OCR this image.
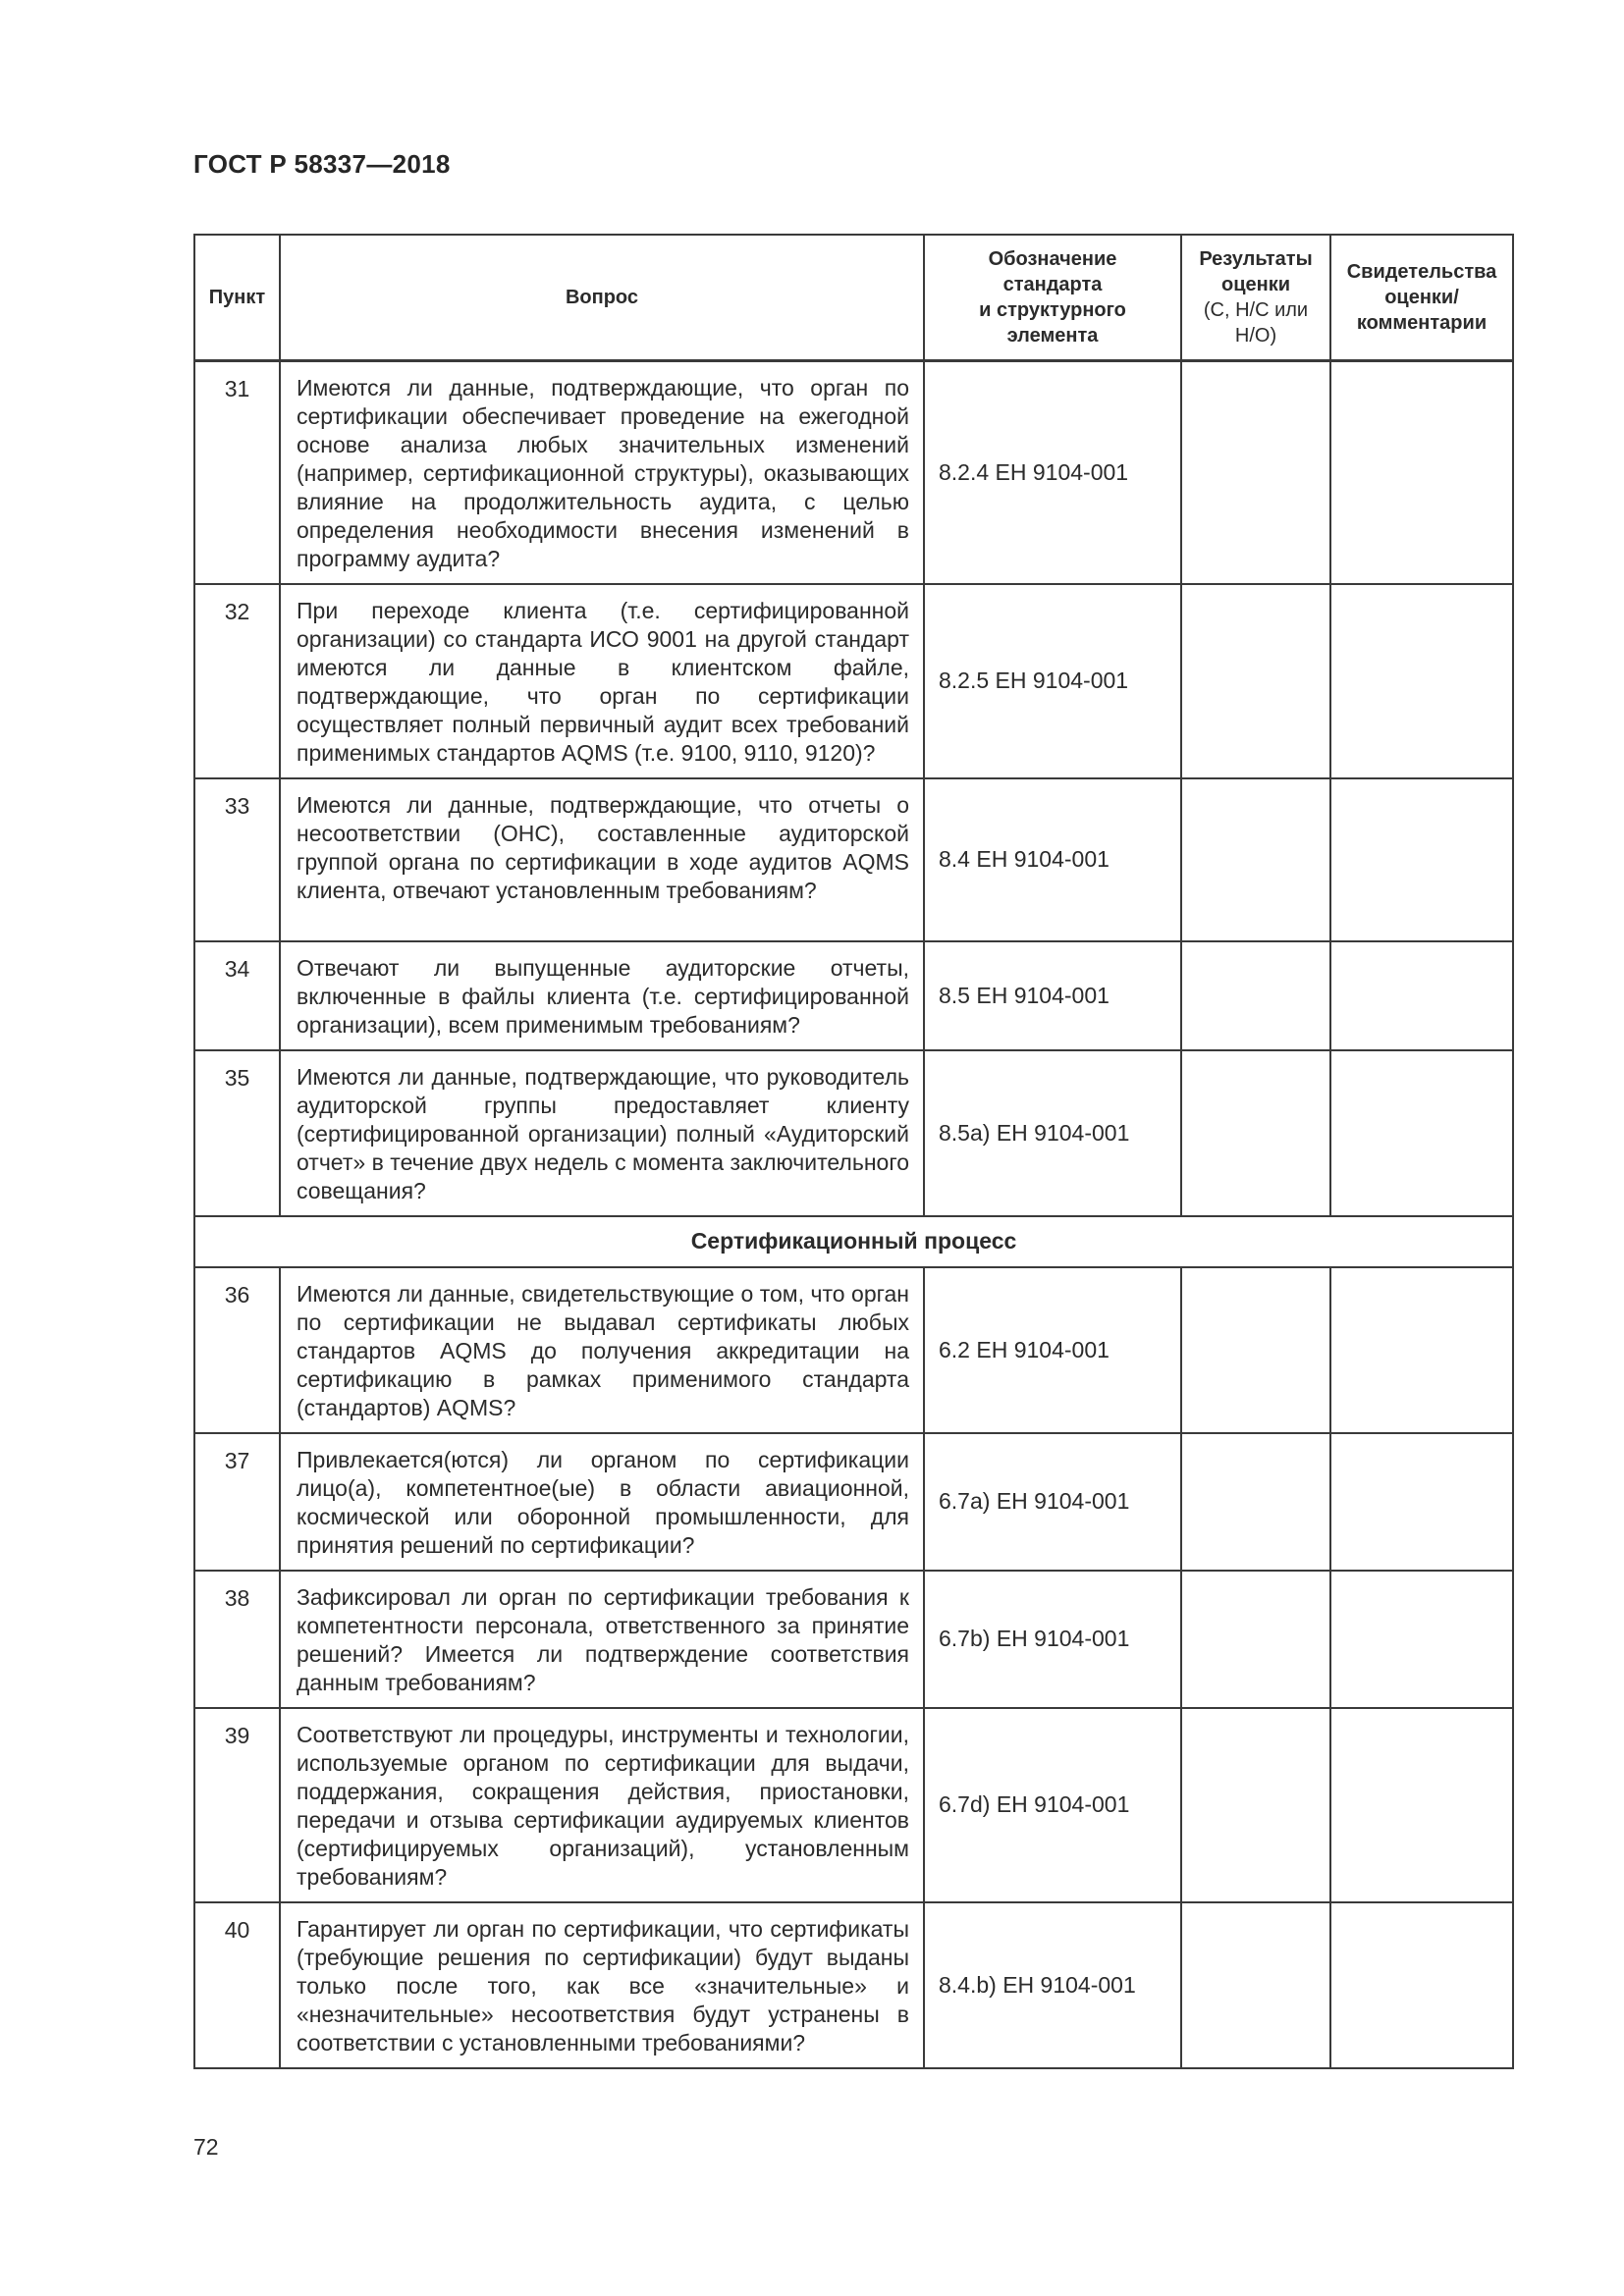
ГОСТ Р 58337—2018
Пункт	Вопрос	Обозначение
стандарта
и структурного
элемента	Результаты
оценки
(С, Н/С или
Н/О)	Свидетельства
оценки/
комментарии

31	Имеются ли данные, подтверждающие, что орган по сертификации обеспечивает проведение на ежегодной основе анализа любых значительных изменений (например, сертификационной структуры), оказывающих влияние на продолжительность аудита, с целью определения необходимости внесения изменений в программу аудита?	8.2.4 ЕН 9104-001		
32	При переходе клиента (т.е. сертифицированной организации) со стандарта ИСО 9001 на другой стандарт имеются ли данные в клиентском файле, подтверждающие, что орган по сертификации осуществляет полный первичный аудит всех требований применимых стандартов AQMS (т.е. 9100, 9110, 9120)?	8.2.5 ЕН 9104-001		
33	Имеются ли данные, подтверждающие, что отчеты о несоответствии (ОНС), составленные аудиторской группой органа по сертификации в ходе аудитов AQMS клиента, отвечают установленным требованиям?	8.4 ЕН 9104-001		
34	Отвечают ли выпущенные аудиторские отчеты, включенные в файлы клиента (т.е. сертифицированной организации), всем применимым требованиям?	8.5 ЕН 9104-001		
35	Имеются ли данные, подтверждающие, что руководитель аудиторской группы предоставляет клиенту (сертифицированной организации) полный «Аудиторский отчет» в течение двух недель с момента заключительного совещания?	8.5а) ЕН 9104-001		
Сертификационный процесс				
36	Имеются ли данные, свидетельствующие о том, что орган по сертификации не выдавал сертификаты любых стандартов AQMS до получения аккредитации на сертификацию в рамках применимого стандарта (стандартов) AQMS?	6.2 ЕН 9104-001		
37	Привлекается(ются) ли органом по сертификации лицо(а), компетентное(ые) в области авиационной, космической или оборонной промышленности, для принятия решений по сертификации?	6.7а) ЕН 9104-001		
38	Зафиксировал ли орган по сертификации требования к компетентности персонала, ответственного за принятие решений? Имеется ли подтверждение соответствия данным требованиям?	6.7b) ЕН 9104-001		
39	Соответствуют ли процедуры, инструменты и технологии, используемые органом по сертификации для выдачи, поддержания, сокращения действия, приостановки, передачи и отзыва сертификации аудируемых клиентов (сертифицируемых организаций), установленным требованиям?	6.7d) ЕН 9104-001		
40	Гарантирует ли орган по сертификации, что сертификаты (требующие решения по сертификации) будут выданы только после того, как все «значительные» и «незначительные» несоответствия будут устранены в соответствии с установленными требованиями?	8.4.b) ЕН 9104-001		
72
